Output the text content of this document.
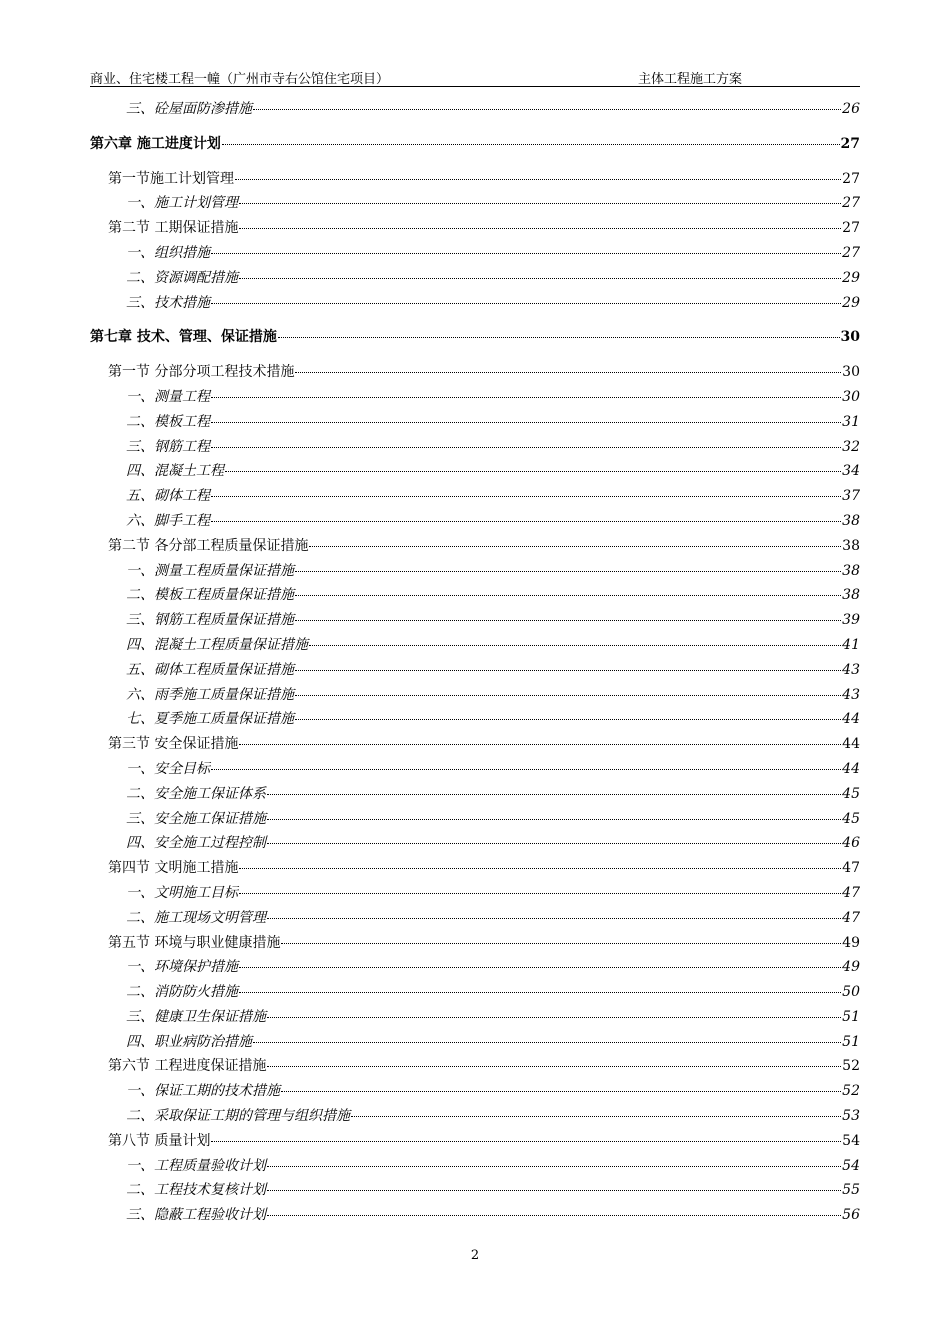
商业、住宅楼工程一幢（广州市寺右公馆住宅项目）	主体工程施工方案
三、砼屋面防渗措施	26
第六章 施工进度计划	27
第一节施工计划管理	27
一、施工计划管理	27
第二节 工期保证措施	27
一、组织措施	27
二、资源调配措施	29
三、技术措施	29
第七章 技术、管理、保证措施	30
第一节 分部分项工程技术措施	30
一、测量工程	30
二、模板工程	31
三、钢筋工程	32
四、混凝土工程	34
五、砌体工程	37
六、脚手工程	38
第二节 各分部工程质量保证措施	38
一、测量工程质量保证措施	38
二、模板工程质量保证措施	38
三、钢筋工程质量保证措施	39
四、混凝土工程质量保证措施	41
五、砌体工程质量保证措施	43
六、雨季施工质量保证措施	43
七、夏季施工质量保证措施	44
第三节 安全保证措施	44
一、安全目标	44
二、安全施工保证体系	45
三、安全施工保证措施	45
四、安全施工过程控制	46
第四节 文明施工措施	47
一、文明施工目标	47
二、施工现场文明管理	47
第五节 环境与职业健康措施	49
一、环境保护措施	49
二、消防防火措施	50
三、健康卫生保证措施	51
四、职业病防治措施	51
第六节 工程进度保证措施	52
一、保证工期的技术措施	52
二、采取保证工期的管理与组织措施	53
第八节 质量计划	54
一、工程质量验收计划	54
二、工程技术复核计划	55
三、隐蔽工程验收计划	56
2
